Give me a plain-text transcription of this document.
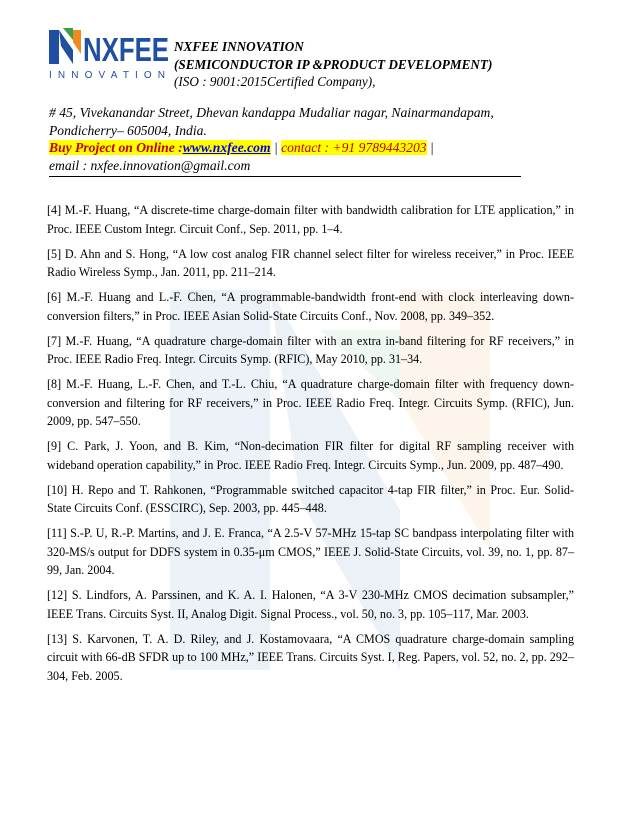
NXFEE
I N N O V A T I O N
NXFEE INNOVATION
(SEMICONDUCTOR IP &PRODUCT DEVELOPMENT)
(ISO : 9001:2015Certified Company),
# 45, Vivekanandar Street, Dhevan kandappa Mudaliar nagar, Nainarmandapam,
Pondicherry– 605004, India.
Buy Project on Online :www.nxfee.com | contact : +91 9789443203 |
email : nxfee.innovation@gmail.com

[4] M.-F. Huang, “A discrete-time charge-domain filter with bandwidth calibration for LTE application,” in Proc. IEEE Custom Integr. Circuit Conf., Sep. 2011, pp. 1–4.

[5] D. Ahn and S. Hong, “A low cost analog FIR channel select filter for wireless receiver,” in Proc. IEEE Radio Wireless Symp., Jan. 2011, pp. 211–214.

[6] M.-F. Huang and L.-F. Chen, “A programmable-bandwidth front-end with clock interleaving down-conversion filters,” in Proc. IEEE Asian Solid-State Circuits Conf., Nov. 2008, pp. 349–352.

[7] M.-F. Huang, “A quadrature charge-domain filter with an extra in-band filtering for RF receivers,” in Proc. IEEE Radio Freq. Integr. Circuits Symp. (RFIC), May 2010, pp. 31–34.

[8] M.-F. Huang, L.-F. Chen, and T.-L. Chiu, “A quadrature charge-domain filter with frequency down-conversion and filtering for RF receivers,” in Proc. IEEE Radio Freq. Integr. Circuits Symp. (RFIC), Jun. 2009, pp. 547–550.

[9] C. Park, J. Yoon, and B. Kim, “Non-decimation FIR filter for digital RF sampling receiver with wideband operation capability,” in Proc. IEEE Radio Freq. Integr. Circuits Symp., Jun. 2009, pp. 487–490.

[10] H. Repo and T. Rahkonen, “Programmable switched capacitor 4-tap FIR filter,” in Proc. Eur. Solid-State Circuits Conf. (ESSCIRC), Sep. 2003, pp. 445–448.

[11] S.-P. U, R.-P. Martins, and J. E. Franca, “A 2.5-V 57-MHz 15-tap SC bandpass interpolating filter with 320-MS/s output for DDFS system in 0.35-μm CMOS,” IEEE J. Solid-State Circuits, vol. 39, no. 1, pp. 87–99, Jan. 2004.

[12] S. Lindfors, A. Parssinen, and K. A. I. Halonen, “A 3-V 230-MHz CMOS decimation subsampler,” IEEE Trans. Circuits Syst. II, Analog Digit. Signal Process., vol. 50, no. 3, pp. 105–117, Mar. 2003.

[13] S. Karvonen, T. A. D. Riley, and J. Kostamovaara, “A CMOS quadrature charge-domain sampling circuit with 66-dB SFDR up to 100 MHz,” IEEE Trans. Circuits Syst. I, Reg. Papers, vol. 52, no. 2, pp. 292–304, Feb. 2005.
